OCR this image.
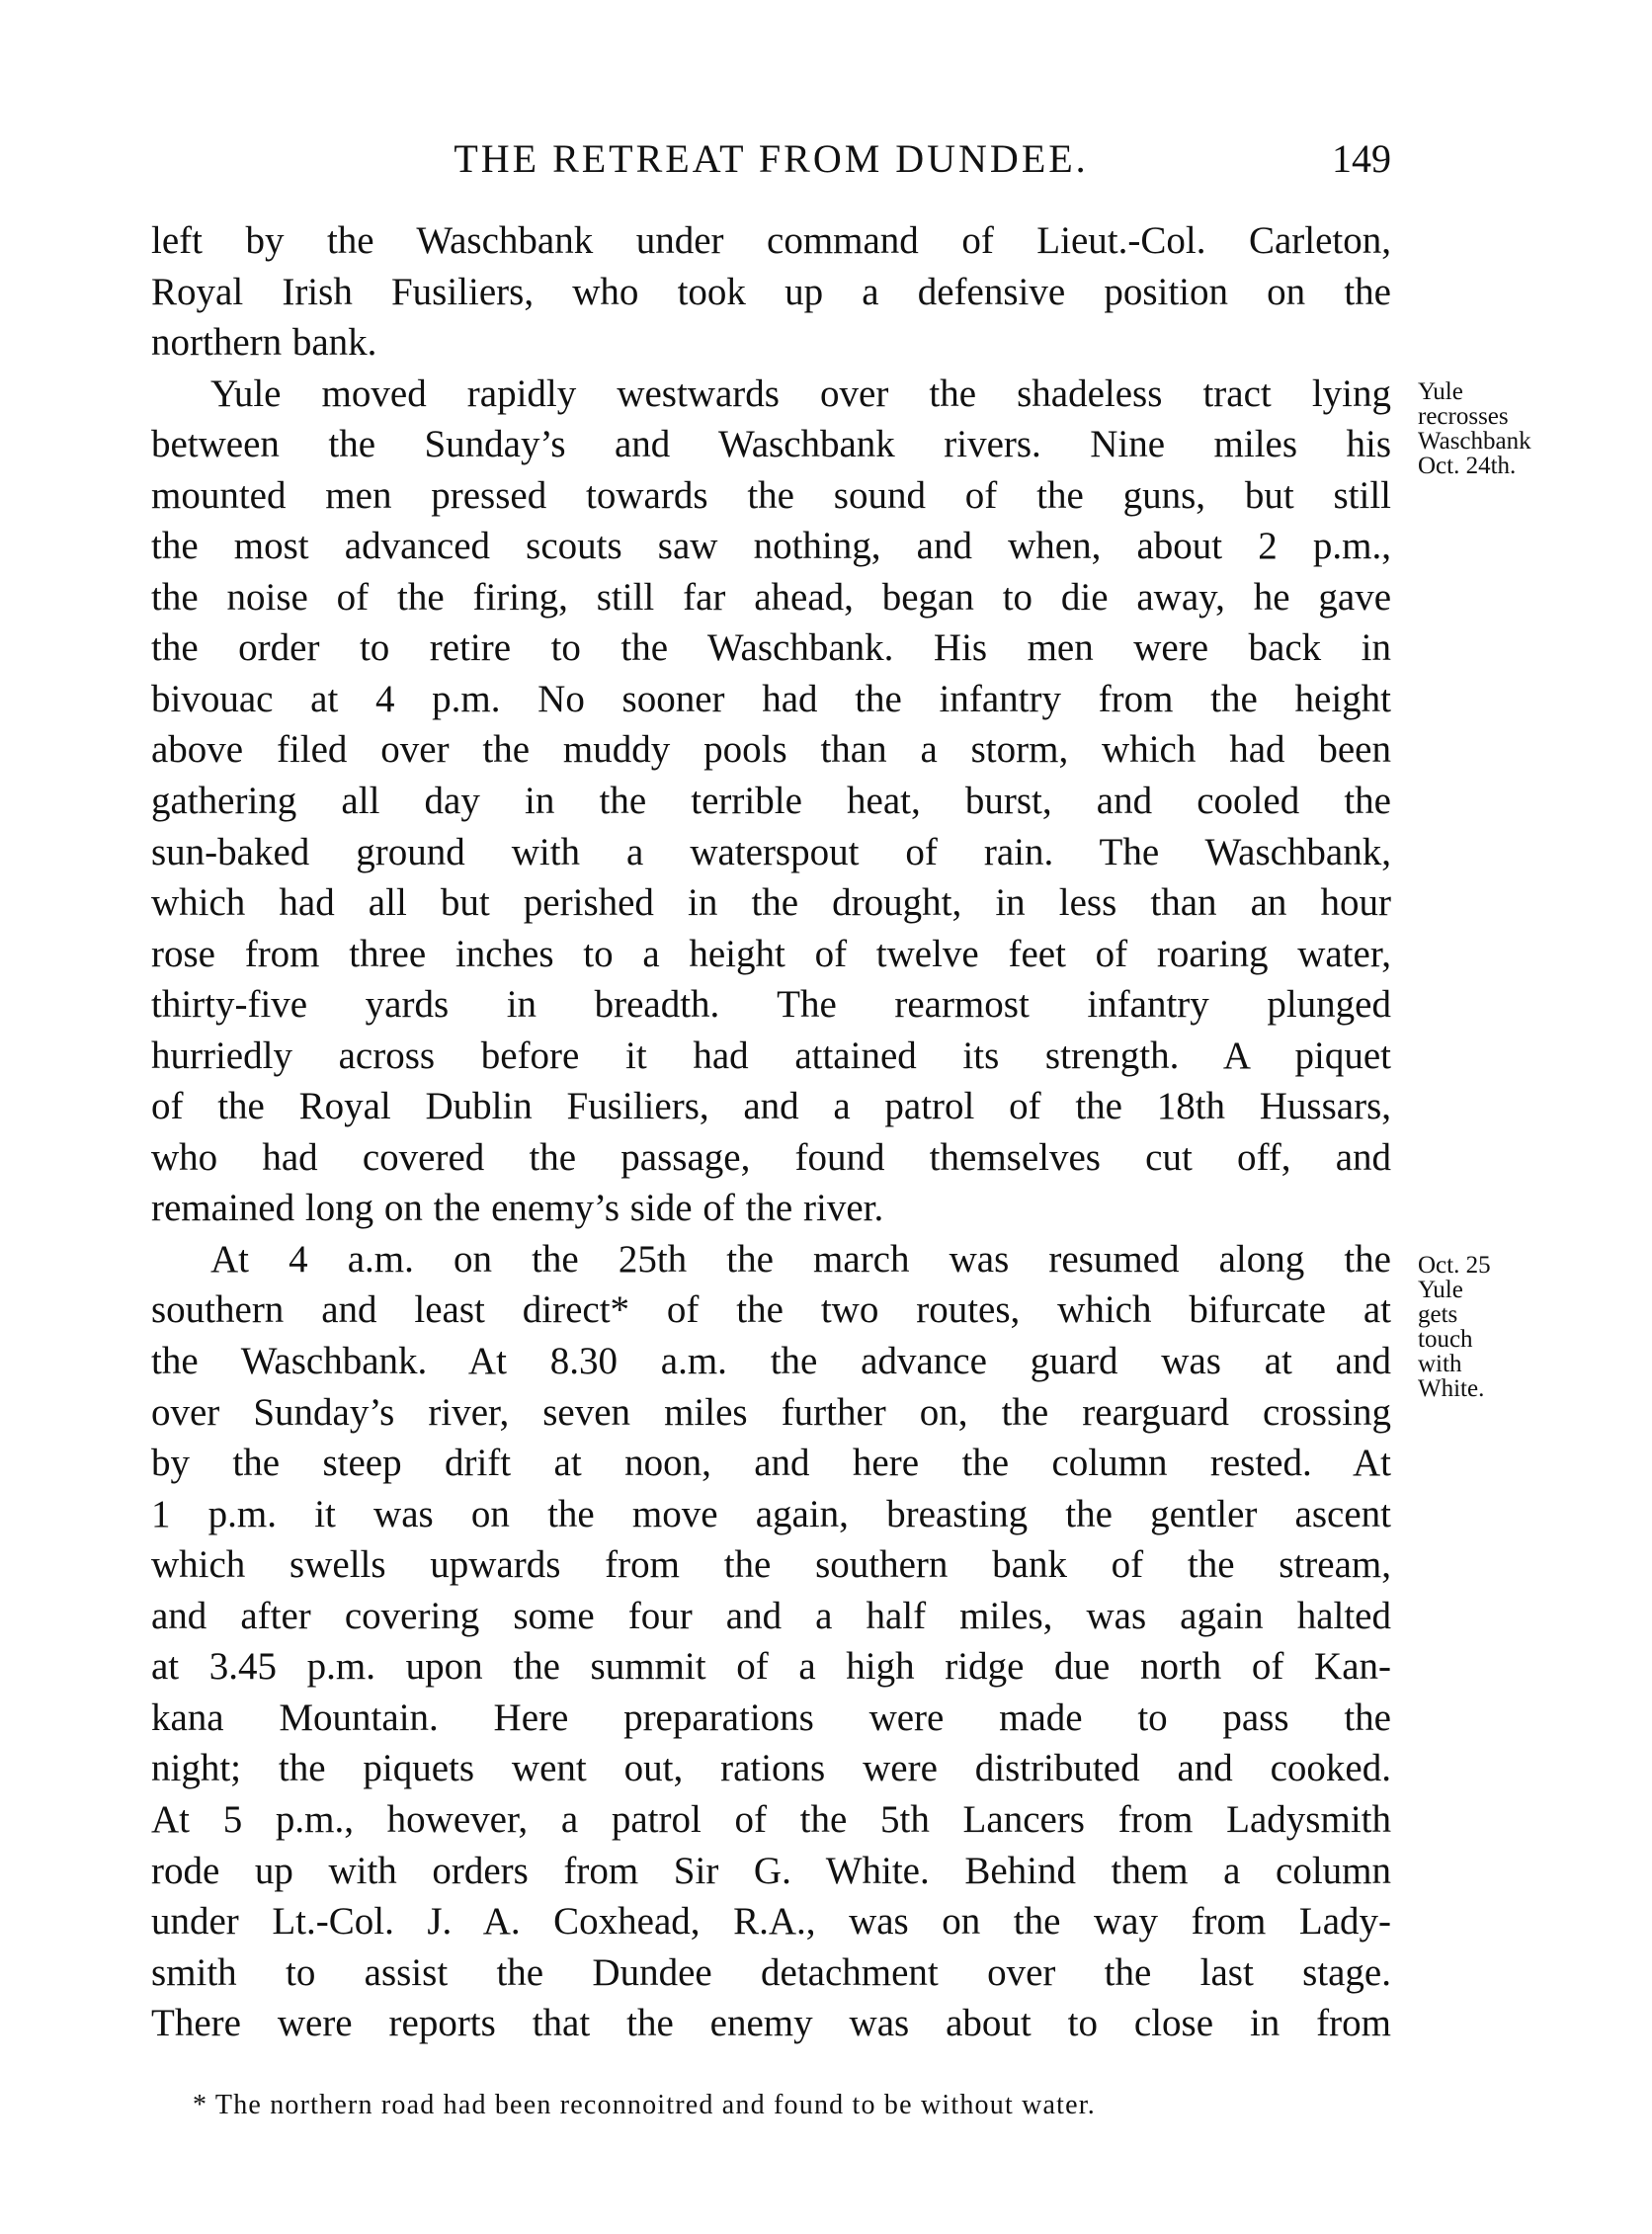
THE RETREAT FROM DUNDEE.	149
left by the Waschbank under command of Lieut.-Col. Carleton,
Royal Irish Fusiliers, who took up a defensive position on the
northern bank.
Yule moved rapidly westwards over the shadeless tract lying
between the Sunday’s and Waschbank rivers. Nine miles his
mounted men pressed towards the sound of the guns, but still
the most advanced scouts saw nothing, and when, about 2 p.m.,
the noise of the firing, still far ahead, began to die away, he gave
the order to retire to the Waschbank. His men were back in
bivouac at 4 p.m. No sooner had the infantry from the height
above filed over the muddy pools than a storm, which had been
gathering all day in the terrible heat, burst, and cooled the
sun-baked ground with a waterspout of rain. The Waschbank,
which had all but perished in the drought, in less than an hour
rose from three inches to a height of twelve feet of roaring water,
thirty-five yards in breadth. The rearmost infantry plunged
hurriedly across before it had attained its strength. A piquet
of the Royal Dublin Fusiliers, and a patrol of the 18th Hussars,
who had covered the passage, found themselves cut off, and
remained long on the enemy’s side of the river.
At 4 a.m. on the 25th the march was resumed along the
southern and least direct* of the two routes, which bifurcate at
the Waschbank. At 8.30 a.m. the advance guard was at and
over Sunday’s river, seven miles further on, the rearguard crossing
by the steep drift at noon, and here the column rested. At
1 p.m. it was on the move again, breasting the gentler ascent
which swells upwards from the southern bank of the stream,
and after covering some four and a half miles, was again halted
at 3.45 p.m. upon the summit of a high ridge due north of Kan-
kana Mountain. Here preparations were made to pass the
night; the piquets went out, rations were distributed and cooked.
At 5 p.m., however, a patrol of the 5th Lancers from Ladysmith
rode up with orders from Sir G. White. Behind them a column
under Lt.-Col. J. A. Coxhead, R.A., was on the way from Lady-
smith to assist the Dundee detachment over the last stage.
There were reports that the enemy was about to close in from
Yule
recrosses
Waschbank
Oct. 24th.
Oct. 25
Yule
gets
touch
with
White.
* The northern road had been reconnoitred and found to be without water.
